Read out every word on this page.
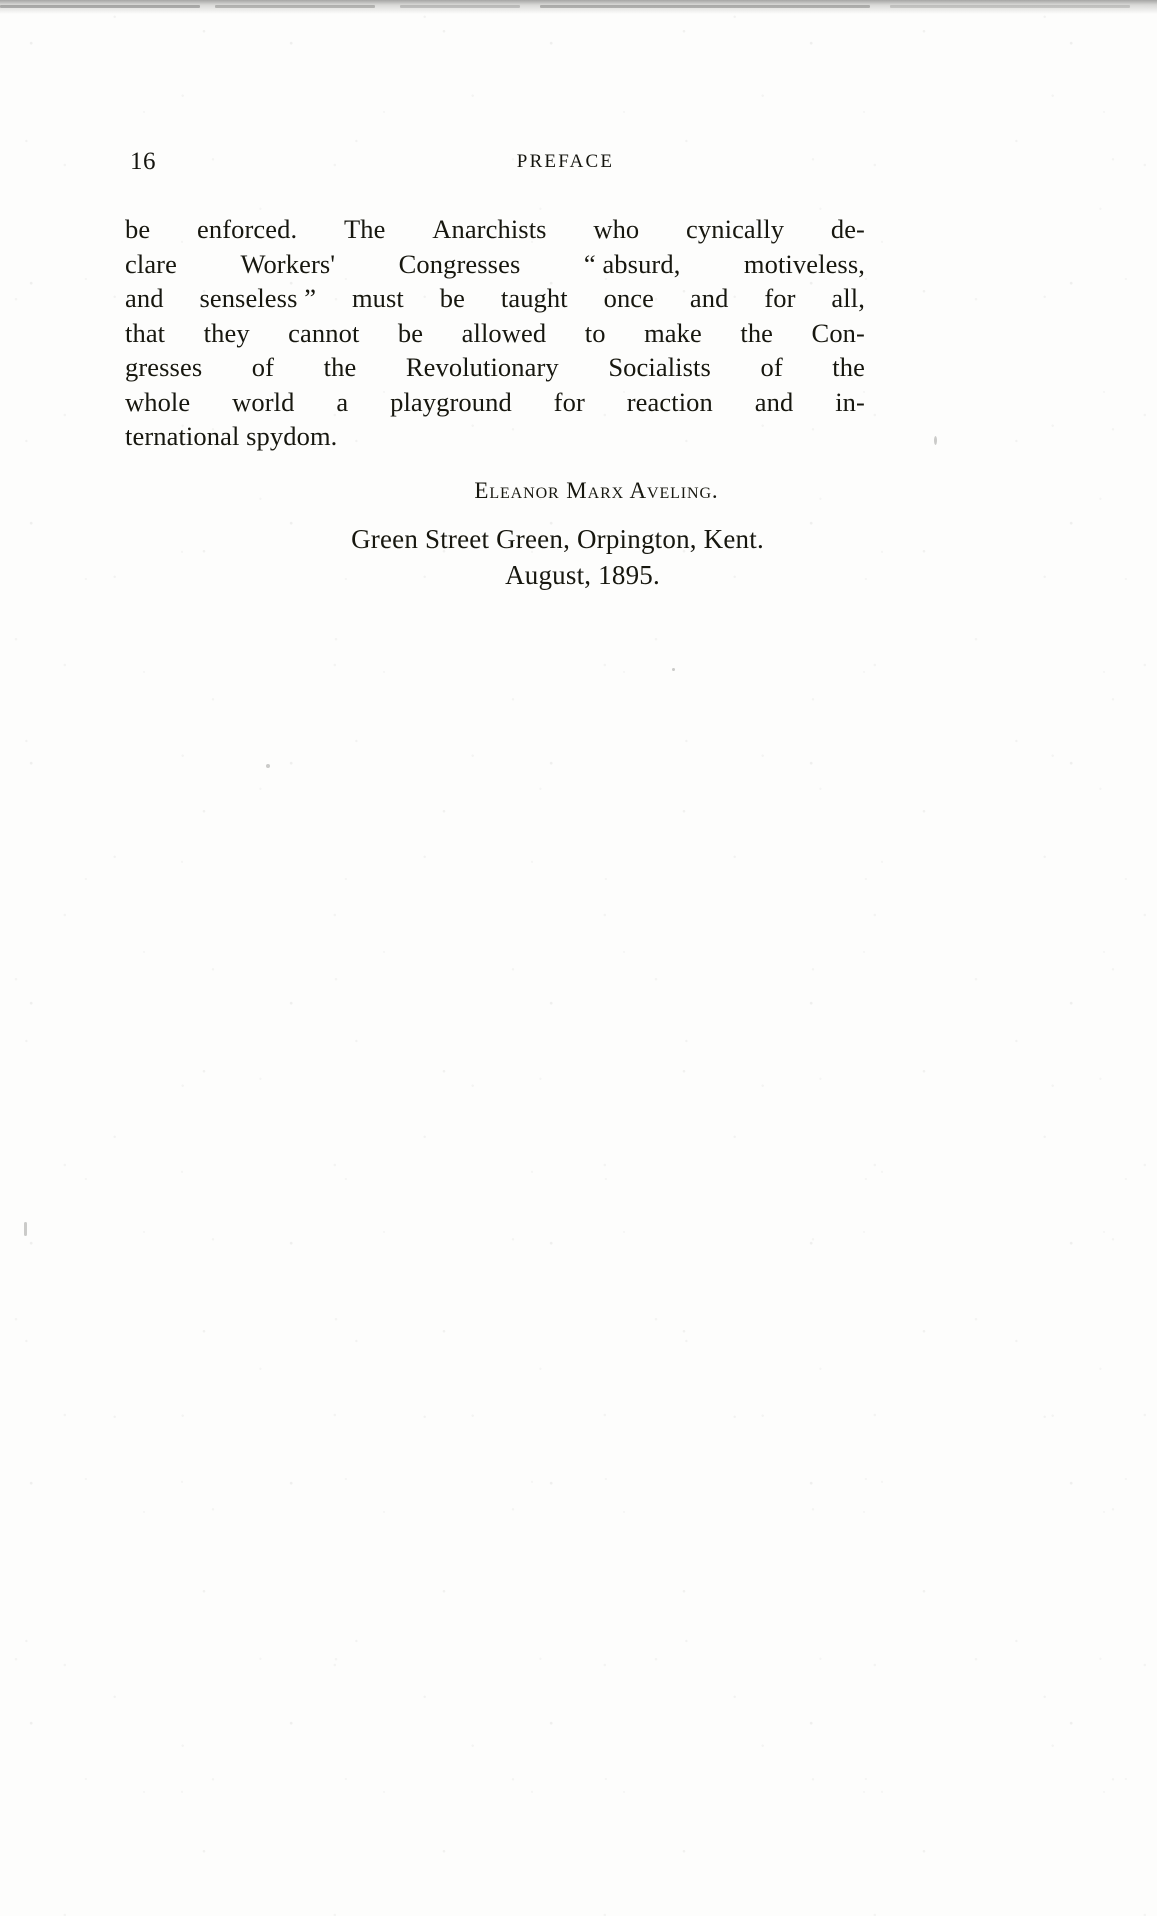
16	PREFACE
be enforced. The Anarchists who cynically de-
clare Workers' Congresses “ absurd, motiveless,
and senseless ” must be taught once and for all,
that they cannot be allowed to make the Con-
gresses of the Revolutionary Socialists of the
whole world a playground for reaction and in-
ternational spydom.
Eleanor Marx Aveling.
Green Street Green, Orpington, Kent.
August, 1895.
